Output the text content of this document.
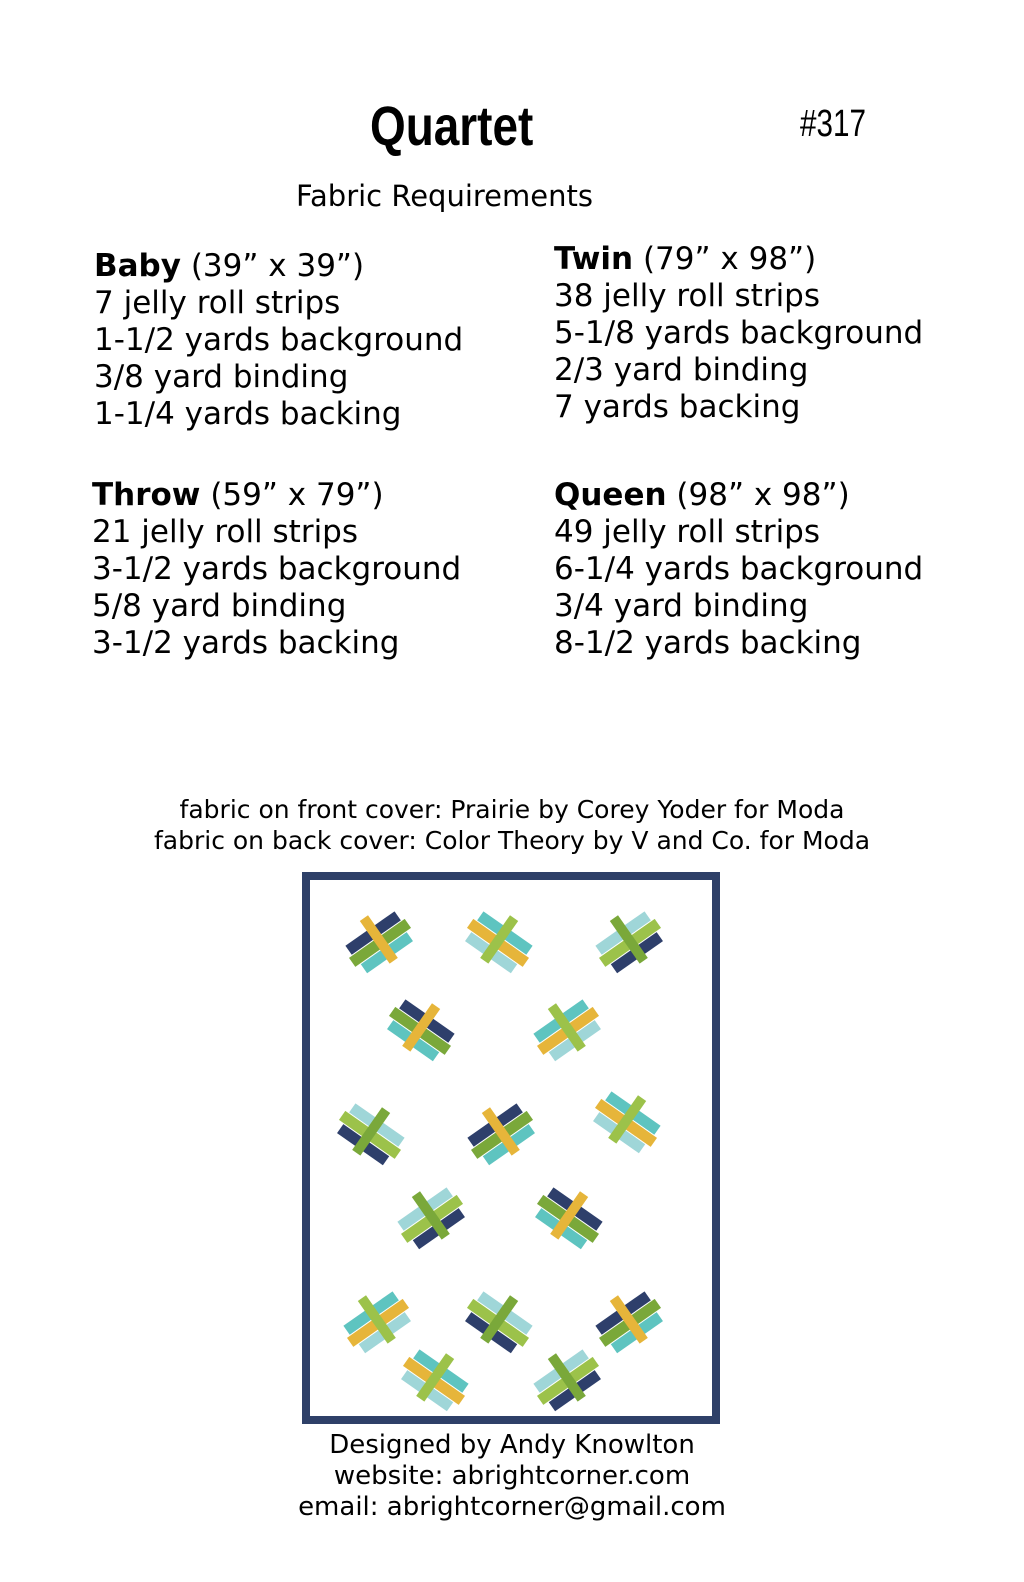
Quartet	#317
Fabric Requirements
Baby (39” x 39”)
7 jelly roll strips
1-1/2 yards background
3/8 yard binding
1-1/4 yards backing
Twin (79” x 98”)
38 jelly roll strips
5-1/8 yards background
2/3 yard binding
7 yards backing
Throw (59” x 79”)
21 jelly roll strips
3-1/2 yards background
5/8 yard binding
3-1/2 yards backing
Queen (98” x 98”)
49 jelly roll strips
6-1/4 yards background
3/4 yard binding
8-1/2 yards backing
fabric on front cover: Prairie by Corey Yoder for Moda
fabric on back cover: Color Theory by V and Co. for Moda
Designed by Andy Knowlton
website: abrightcorner.com
email: abrightcorner@gmail.com
